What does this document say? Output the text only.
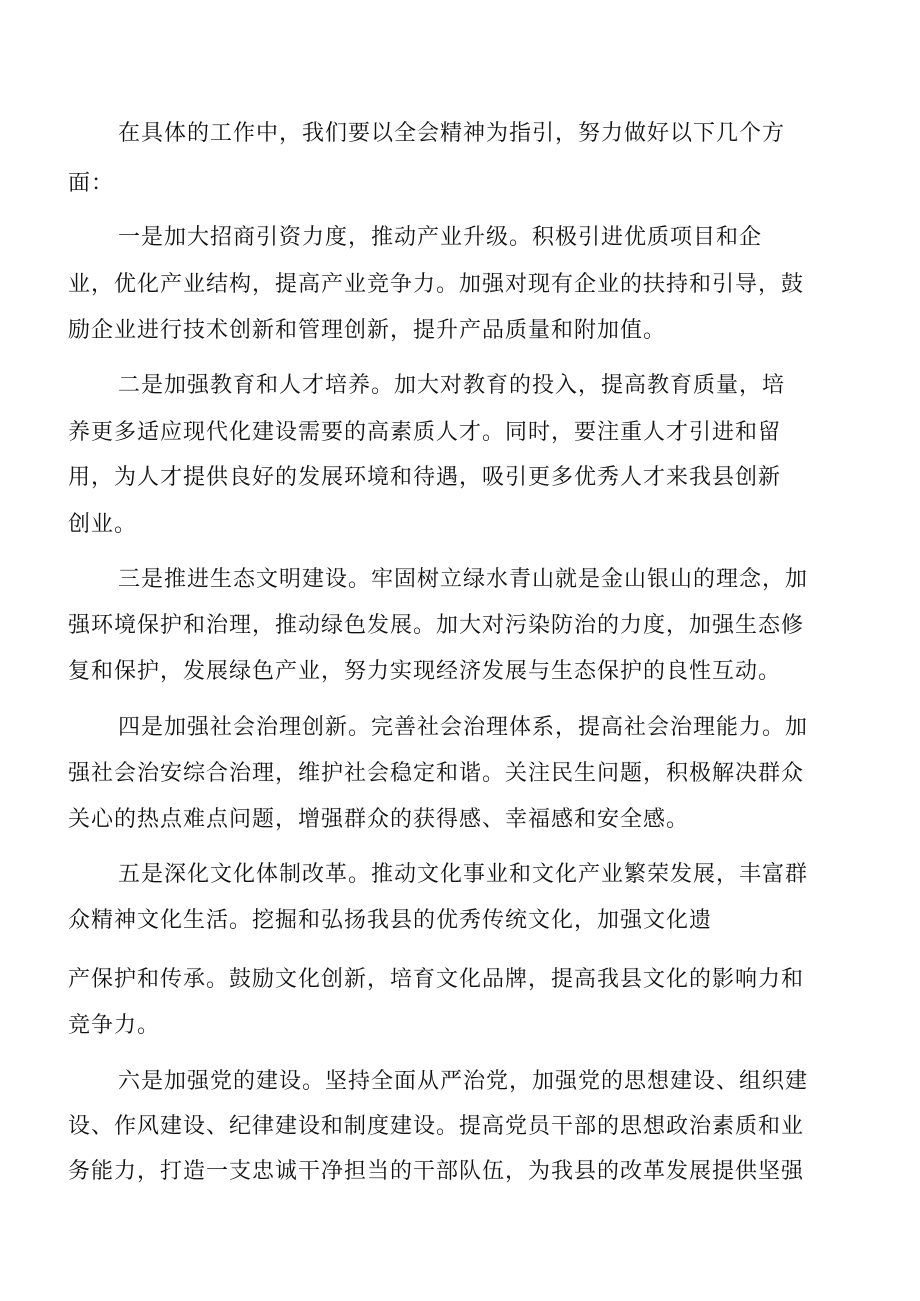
在具体的工作中，我们要以全会精神为指引，努力做好以下几个方
面：
一是加大招商引资力度，推动产业升级。积极引进优质项目和企
业，优化产业结构，提高产业竞争力。加强对现有企业的扶持和引导，鼓
励企业进行技术创新和管理创新，提升产品质量和附加值。
二是加强教育和人才培养。加大对教育的投入，提高教育质量，培
养更多适应现代化建设需要的高素质人才。同时，要注重人才引进和留
用，为人才提供良好的发展环境和待遇，吸引更多优秀人才来我县创新
创业。
三是推进生态文明建设。牢固树立绿水青山就是金山银山的理念，加
强环境保护和治理，推动绿色发展。加大对污染防治的力度，加强生态修
复和保护，发展绿色产业，努力实现经济发展与生态保护的良性互动。
四是加强社会治理创新。完善社会治理体系，提高社会治理能力。加
强社会治安综合治理，维护社会稳定和谐。关注民生问题，积极解决群众
关心的热点难点问题，增强群众的获得感、幸福感和安全感。
五是深化文化体制改革。推动文化事业和文化产业繁荣发展，丰富群
众精神文化生活。挖掘和弘扬我县的优秀传统文化，加强文化遗
产保护和传承。鼓励文化创新，培育文化品牌，提高我县文化的影响力和
竞争力。
六是加强党的建设。坚持全面从严治党，加强党的思想建设、组织建
设、作风建设、纪律建设和制度建设。提高党员干部的思想政治素质和业
务能力，打造一支忠诚干净担当的干部队伍，为我县的改革发展提供坚强
